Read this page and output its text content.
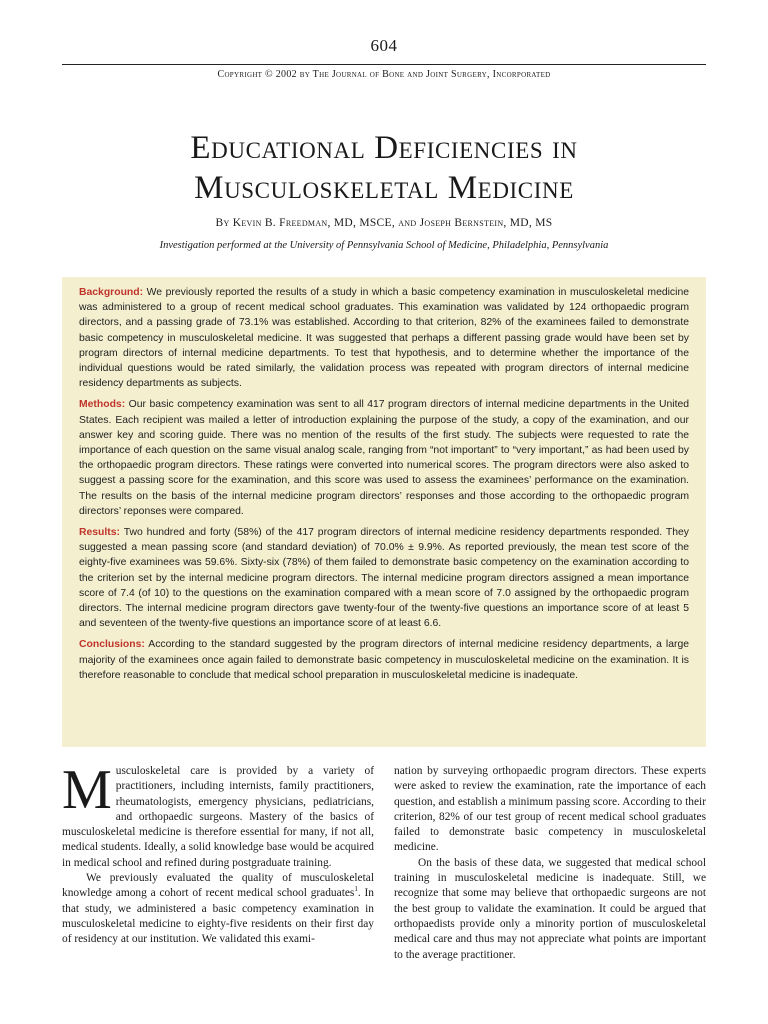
604
Copyright © 2002 by The Journal of Bone and Joint Surgery, Incorporated
Educational Deficiencies in
Musculoskeletal Medicine
By Kevin B. Freedman, MD, MSCE, and Joseph Bernstein, MD, MS
Investigation performed at the University of Pennsylvania School of Medicine, Philadelphia, Pennsylvania

Background: We previously reported the results of a study in which a basic competency examination in musculoskeletal medicine was administered to a group of recent medical school graduates. This examination was validated by 124 orthopaedic program directors, and a passing grade of 73.1% was established. According to that criterion, 82% of the examinees failed to demonstrate basic competency in musculoskeletal medicine. It was suggested that perhaps a different passing grade would have been set by program directors of internal medicine departments. To test that hypothesis, and to determine whether the importance of the individual questions would be rated similarly, the validation process was repeated with program directors of internal medicine residency departments as subjects.

Methods: Our basic competency examination was sent to all 417 program directors of internal medicine departments in the United States. Each recipient was mailed a letter of introduction explaining the purpose of the study, a copy of the examination, and our answer key and scoring guide. There was no mention of the results of the first study. The subjects were requested to rate the importance of each question on the same visual analog scale, ranging from “not important” to “very important,” as had been used by the orthopaedic program directors. These ratings were converted into numerical scores. The program directors were also asked to suggest a passing score for the examination, and this score was used to assess the examinees’ performance on the examination. The results on the basis of the internal medicine program directors’ responses and those according to the orthopaedic program directors’ reponses were compared.

Results: Two hundred and forty (58%) of the 417 program directors of internal medicine residency departments responded. They suggested a mean passing score (and standard deviation) of 70.0% ± 9.9%. As reported previously, the mean test score of the eighty-five examinees was 59.6%. Sixty-six (78%) of them failed to demonstrate basic competency on the examination according to the criterion set by the internal medicine program directors. The internal medicine program directors assigned a mean importance score of 7.4 (of 10) to the questions on the examination compared with a mean score of 7.0 assigned by the orthopaedic program directors. The internal medicine program directors gave twenty-four of the twenty-five questions an importance score of at least 5 and seventeen of the twenty-five questions an importance score of at least 6.6.

Conclusions: According to the standard suggested by the program directors of internal medicine residency departments, a large majority of the examinees once again failed to demonstrate basic competency in musculoskeletal medicine on the examination. It is therefore reasonable to conclude that medical school preparation in musculoskeletal medicine is inadequate.

Musculoskeletal care is provided by a variety of practitioners, including internists, family practitioners, rheumatologists, emergency physicians, pediatricians, and orthopaedic surgeons. Mastery of the basics of musculoskeletal medicine is therefore essential for many, if not all, medical students. Ideally, a solid knowledge base would be acquired in medical school and refined during postgraduate training.

We previously evaluated the quality of musculoskeletal knowledge among a cohort of recent medical school graduates$^1$. In that study, we administered a basic competency examination in musculoskeletal medicine to eighty-five residents on their first day of residency at our institution. We validated this exami-

nation by surveying orthopaedic program directors. These experts were asked to review the examination, rate the importance of each question, and establish a minimum passing score. According to their criterion, 82% of our test group of recent medical school graduates failed to demonstrate basic competency in musculoskeletal medicine.

On the basis of these data, we suggested that medical school training in musculoskeletal medicine is inadequate. Still, we recognize that some may believe that orthopaedic surgeons are not the best group to validate the examination. It could be argued that orthopaedists provide only a minority portion of musculoskeletal medical care and thus may not appreciate what points are important to the average practitioner.
